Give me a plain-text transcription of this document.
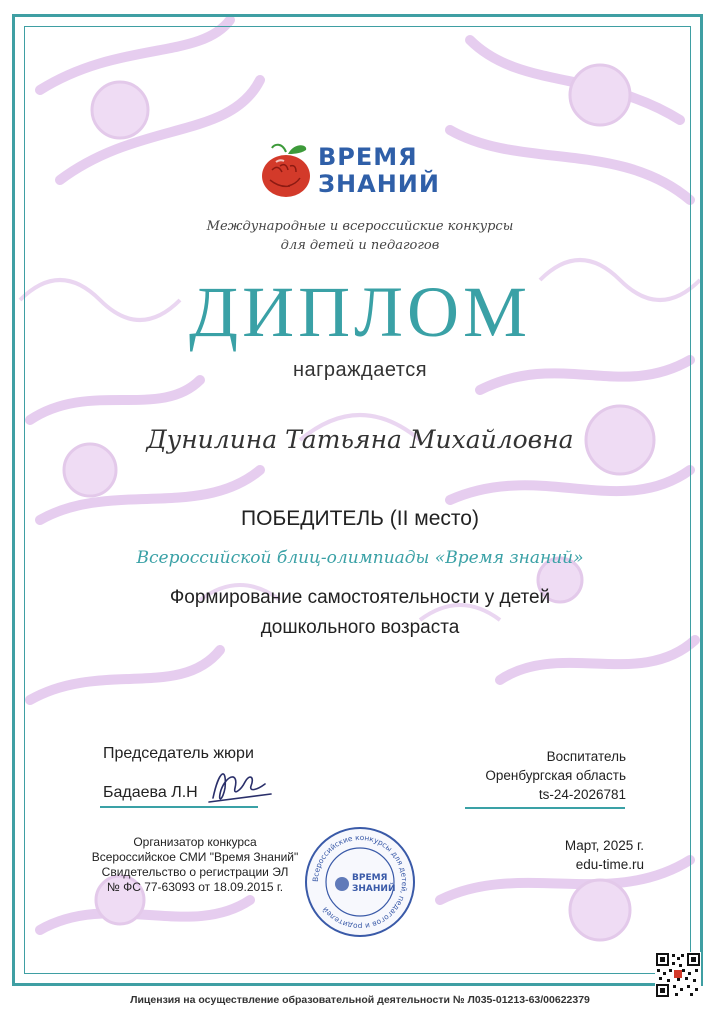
ВРЕМЯ
ЗНАНИЙ
Международные и всероссийские конкурсы
для детей и педагогов
ДИПЛОМ
награждается
Дунилина Татьяна Михайловна
ПОБЕДИТЕЛЬ (II место)
Всероссийской блиц-олимпиады «Время знаний»
Формирование самостоятельности у детей
дошкольного возраста
Председатель жюри
Бадаева Л.Н
Воспитатель
Оренбургская область
ts-24-2026781
Организатор конкурса
Всероссийское СМИ "Время Знаний"
Свидетельство о регистрации ЭЛ
№ ФС 77-63093 от 18.09.2015 г.
Всероссийские конкурсы для детей, педагогов и родителей
ВРЕМЯ
ЗНАНИЙ
Март, 2025 г.
edu-time.ru
Лицензия на осуществление образовательной деятельности № Л035-01213-63/00622379
